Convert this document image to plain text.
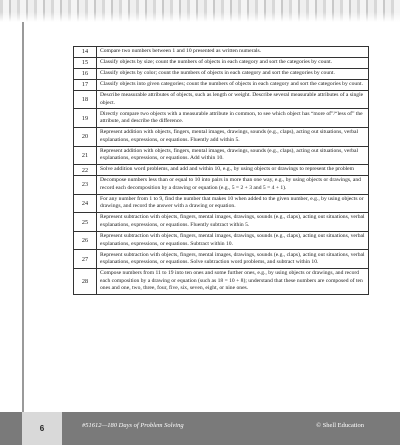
14	Compare two numbers between 1 and 10 presented as written numerals.
15	Classify objects by size; count the numbers of objects in each category and sort the categories by count.
16	Classify objects by color; count the numbers of objects in each category and sort the categories by count.
17	Classify objects into given categories; count the numbers of objects in each category and sort the categories by count.
18	Describe measurable attributes of objects, such as length or weight. Describe several measurable attributes of a single object.
19	Directly compare two objects with a measurable attribute in common, to see which object has “more of”/“less of” the attribute, and describe the difference.
20	Represent addition with objects, fingers, mental images, drawings, sounds (e.g., claps), acting out situations, verbal explanations, expressions, or equations. Fluently add within 5.
21	Represent addition with objects, fingers, mental images, drawings, sounds (e.g., claps), acting out situations, verbal explanations, expressions, or equations. Add within 10.
22	Solve addition word problems, and add and within 10, e.g., by using objects or drawings to represent the problem
23	Decompose numbers less than or equal to 10 into pairs in more than one way, e.g., by using objects or drawings, and record each decomposition by a drawing or equation (e.g., 5 = 2 + 3 and 5 = 4 + 1).
24	For any number from 1 to 9, find the number that makes 10 when added to the given number, e.g., by using objects or drawings, and record the answer with a drawing or equation.
25	Represent subtraction with objects, fingers, mental images, drawings, sounds (e.g., claps), acting out situations, verbal explanations, expressions, or equations. Fluently subtract within 5.
26	Represent subtraction with objects, fingers, mental images, drawings, sounds (e.g., claps), acting out situations, verbal explanations, expressions, or equations. Subtract within 10.
27	Represent subtraction with objects, fingers, mental images, drawings, sounds (e.g., claps), acting out situations, verbal explanations, expressions, or equations. Solve subtraction word problems, and subtract within 10.
28	Compose numbers from 11 to 19 into ten ones and some further ones, e.g., by using objects or drawings, and record each composition by a drawing or equation (such as 18 = 10 + 8); understand that these numbers are composed of ten ones and one, two, three, four, five, six, seven, eight, or nine ones.
6	#51612—180 Days of Problem Solving	© Shell Education
